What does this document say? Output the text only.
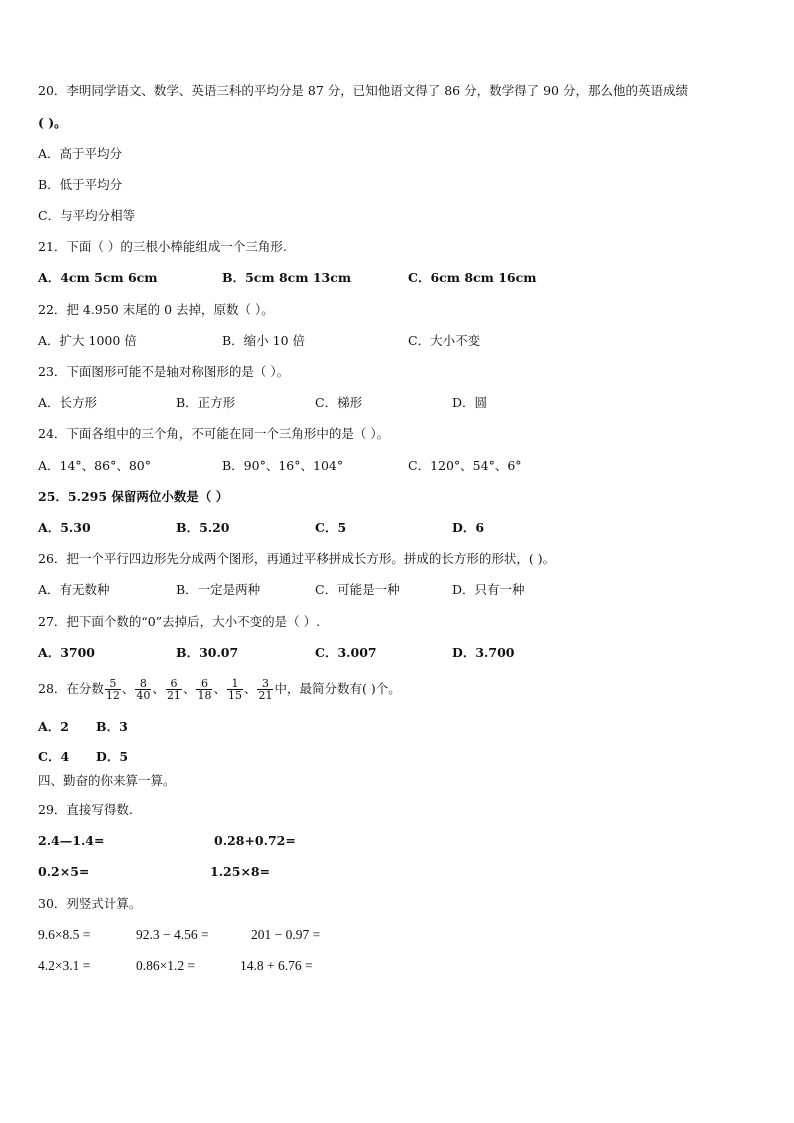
20．李明同学语文、数学、英语三科的平均分是 87 分，已知他语文得了 86 分，数学得了 90 分，那么他的英语成绩
( )。
A．高于平均分
B．低于平均分
C．与平均分相等
21．下面（ ）的三根小棒能组成一个三角形.
A．4cm 5cm 6cm	B．5cm 8cm 13cm	C．6cm 8cm 16cm
22．把 4.950 末尾的 0 去掉，原数（ ）。
A．扩大 1000 倍	B．缩小 10 倍	C．大小不变
23．下面图形可能不是轴对称图形的是（ ）。
A．长方形	B．正方形	C．梯形	D．圆
24．下面各组中的三个角，不可能在同一个三角形中的是（ ）。
A．14°、86°、80°	B．90°、16°、104°	C．120°、54°、6°
25．5.295 保留两位小数是（ ）
A．5.30	B．5.20	C．5	D．6
26．把一个平行四边形先分成两个图形，再通过平移拼成长方形。拼成的长方形的形状，( )。
A．有无数种	B．一定是两种	C．可能是一种	D．只有一种
27．把下面个数的“0”去掉后，大小不变的是（ ）.
A．3700	B．30.07	C．3.007	D．3.700
28．在分数 $\frac{5}{12}$ 、 $\frac{8}{40}$ 、 $\frac{6}{21}$ 、 $\frac{6}{18}$ 、 $\frac{1}{15}$ 、 $\frac{3}{21}$ 中，最简分数有( )个。
A．2 B．3
C．4 D．5
四、勤奋的你来算一算。
29．直接写得数.
2.4—1.4=	0.28+0.72=
0.2×5=	1.25×8=
30．列竖式计算。
9.6×8.5 =	92.3 − 4.56 =	201 − 0.97 =
4.2×3.1 =	0.86×1.2 =	14.8 + 6.76 =
